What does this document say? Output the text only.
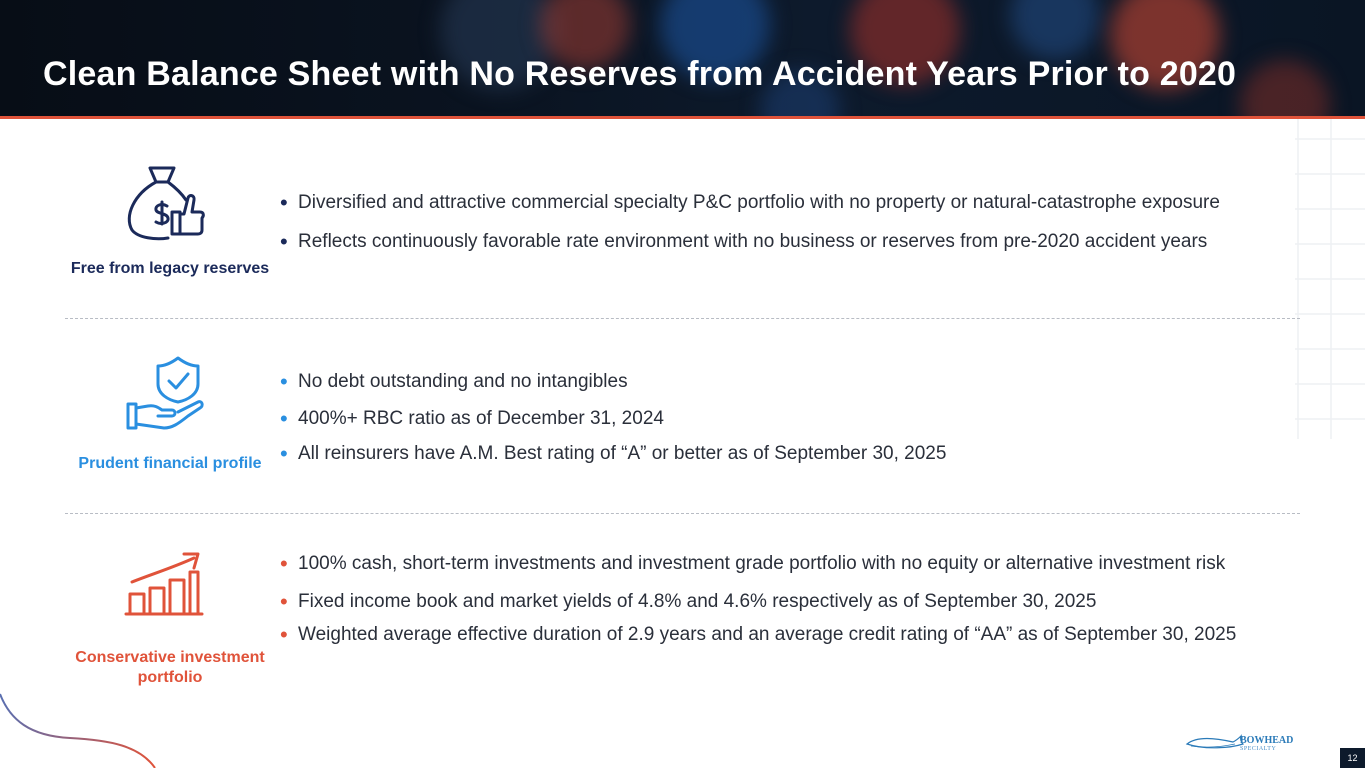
Clean Balance Sheet with No Reserves from Accident Years Prior to 2020
Free from legacy reserves
• Diversified and attractive commercial specialty P&C portfolio with no property or natural-catastrophe exposure
• Reflects continuously favorable rate environment with no business or reserves from pre-2020 accident years
Prudent financial profile
• No debt outstanding and no intangibles
• 400%+ RBC ratio as of December 31, 2024
• All reinsurers have A.M. Best rating of “A” or better as of September 30, 2025
Conservative investment portfolio
• 100% cash, short-term investments and investment grade portfolio with no equity or alternative investment risk
• Fixed income book and market yields of 4.8% and 4.6% respectively as of September 30, 2025
• Weighted average effective duration of 2.9 years and an average credit rating of “AA” as of September 30, 2025
BOWHEAD
SPECIALTY
12
